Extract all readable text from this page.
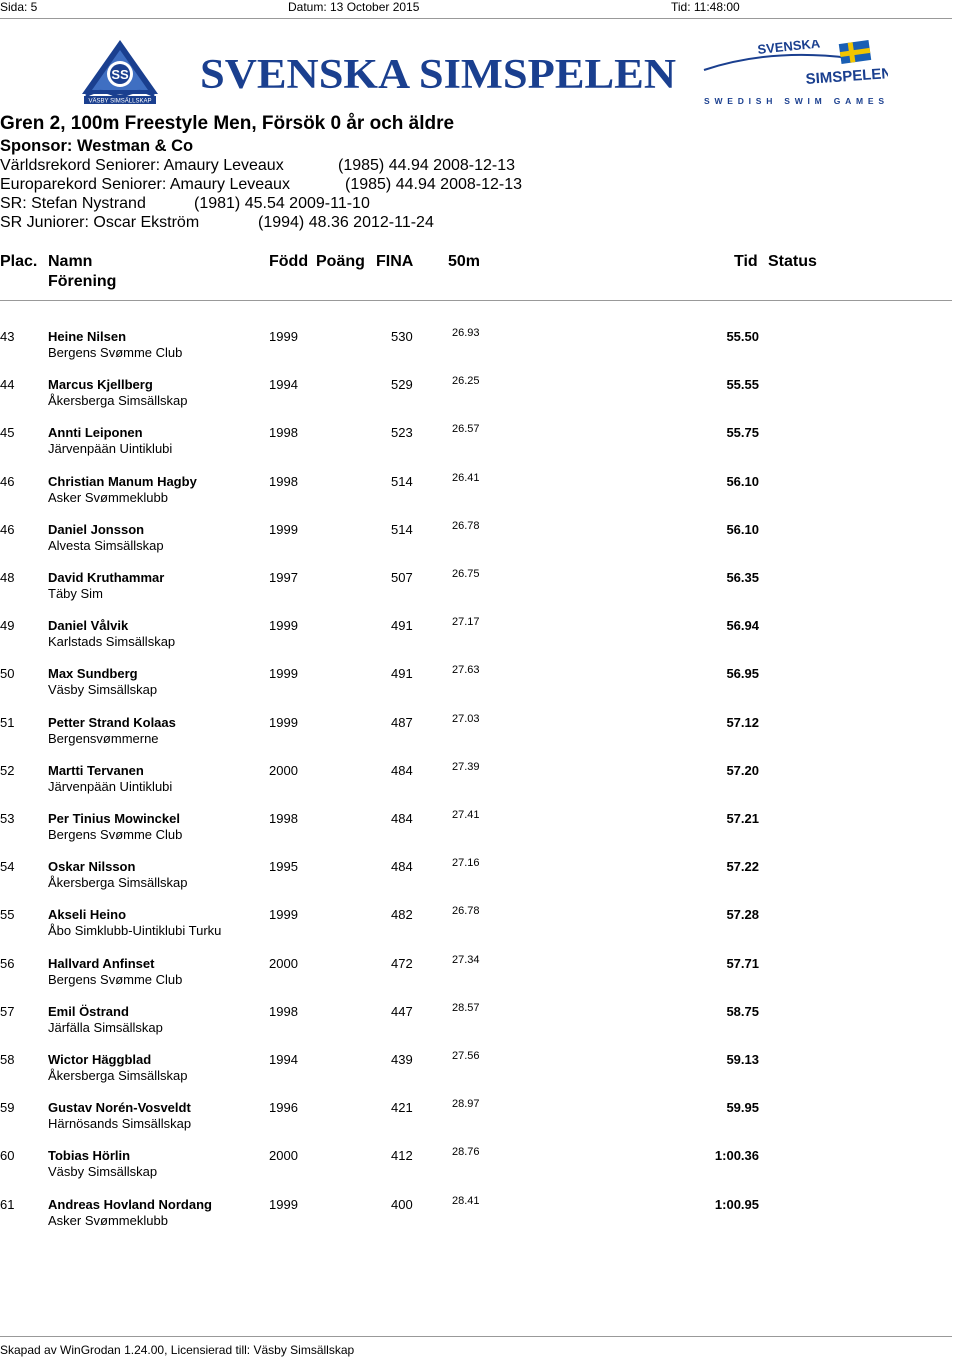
Sida: 5	Datum: 13 October 2015	Tid: 11:48:00
SS
VÄSBY SIMSÄLLSKAP
SVENSKA SIMSPELEN
SVENSKA
SIMSPELEN
SWEDISH SWIM GAMES
Gren 2, 100m Freestyle Men, Försök 0 år och äldre
Sponsor: Westman & Co
Världsrekord Seniorer: Amaury Leveaux	(1985) 44.94 2008-12-13
Europarekord Seniorer: Amaury Leveaux	(1985) 44.94 2008-12-13
SR: Stefan Nystrand	(1981) 45.54 2009-11-10
SR Juniorer: Oscar Ekström	(1994) 48.36 2012-11-24
Plac. Namn
Förening
Född Poäng FINA 50m	Tid Status
43	Heine Nilsen
Bergens Svømme Club
1999	530	26.93	55.50
44	Marcus Kjellberg
Åkersberga Simsällskap
1994	529	26.25	55.55
45	Annti Leiponen
Järvenpään Uintiklubi
1998	523	26.57	55.75
46	Christian Manum Hagby
Asker Svømmeklubb
1998	514	26.41	56.10
46	Daniel Jonsson
Alvesta Simsällskap
1999	514	26.78	56.10
48	David Kruthammar
Täby Sim
1997	507	26.75	56.35
49	Daniel Vålvik
Karlstads Simsällskap
1999	491	27.17	56.94
50	Max Sundberg
Väsby Simsällskap
1999	491	27.63	56.95
51	Petter Strand Kolaas
Bergensvømmerne
1999	487	27.03	57.12
52	Martti Tervanen
Järvenpään Uintiklubi
2000	484	27.39	57.20
53	Per Tinius Mowinckel
Bergens Svømme Club
1998	484	27.41	57.21
54	Oskar Nilsson
Åkersberga Simsällskap
1995	484	27.16	57.22
55	Akseli Heino
Åbo Simklubb-Uintiklubi Turku
1999	482	26.78	57.28
56	Hallvard Anfinset
Bergens Svømme Club
2000	472	27.34	57.71
57	Emil Östrand
Järfälla Simsällskap
1998	447	28.57	58.75
58	Wictor Häggblad
Åkersberga Simsällskap
1994	439	27.56	59.13
59	Gustav Norén-Vosveldt
Härnösands Simsällskap
1996	421	28.97	59.95
60	Tobias Hörlin
Väsby Simsällskap
2000	412	28.76	1:00.36
61	Andreas Hovland Nordang
Asker Svømmeklubb
1999	400	28.41	1:00.95
Skapad av WinGrodan 1.24.00, Licensierad till: Väsby Simsällskap
